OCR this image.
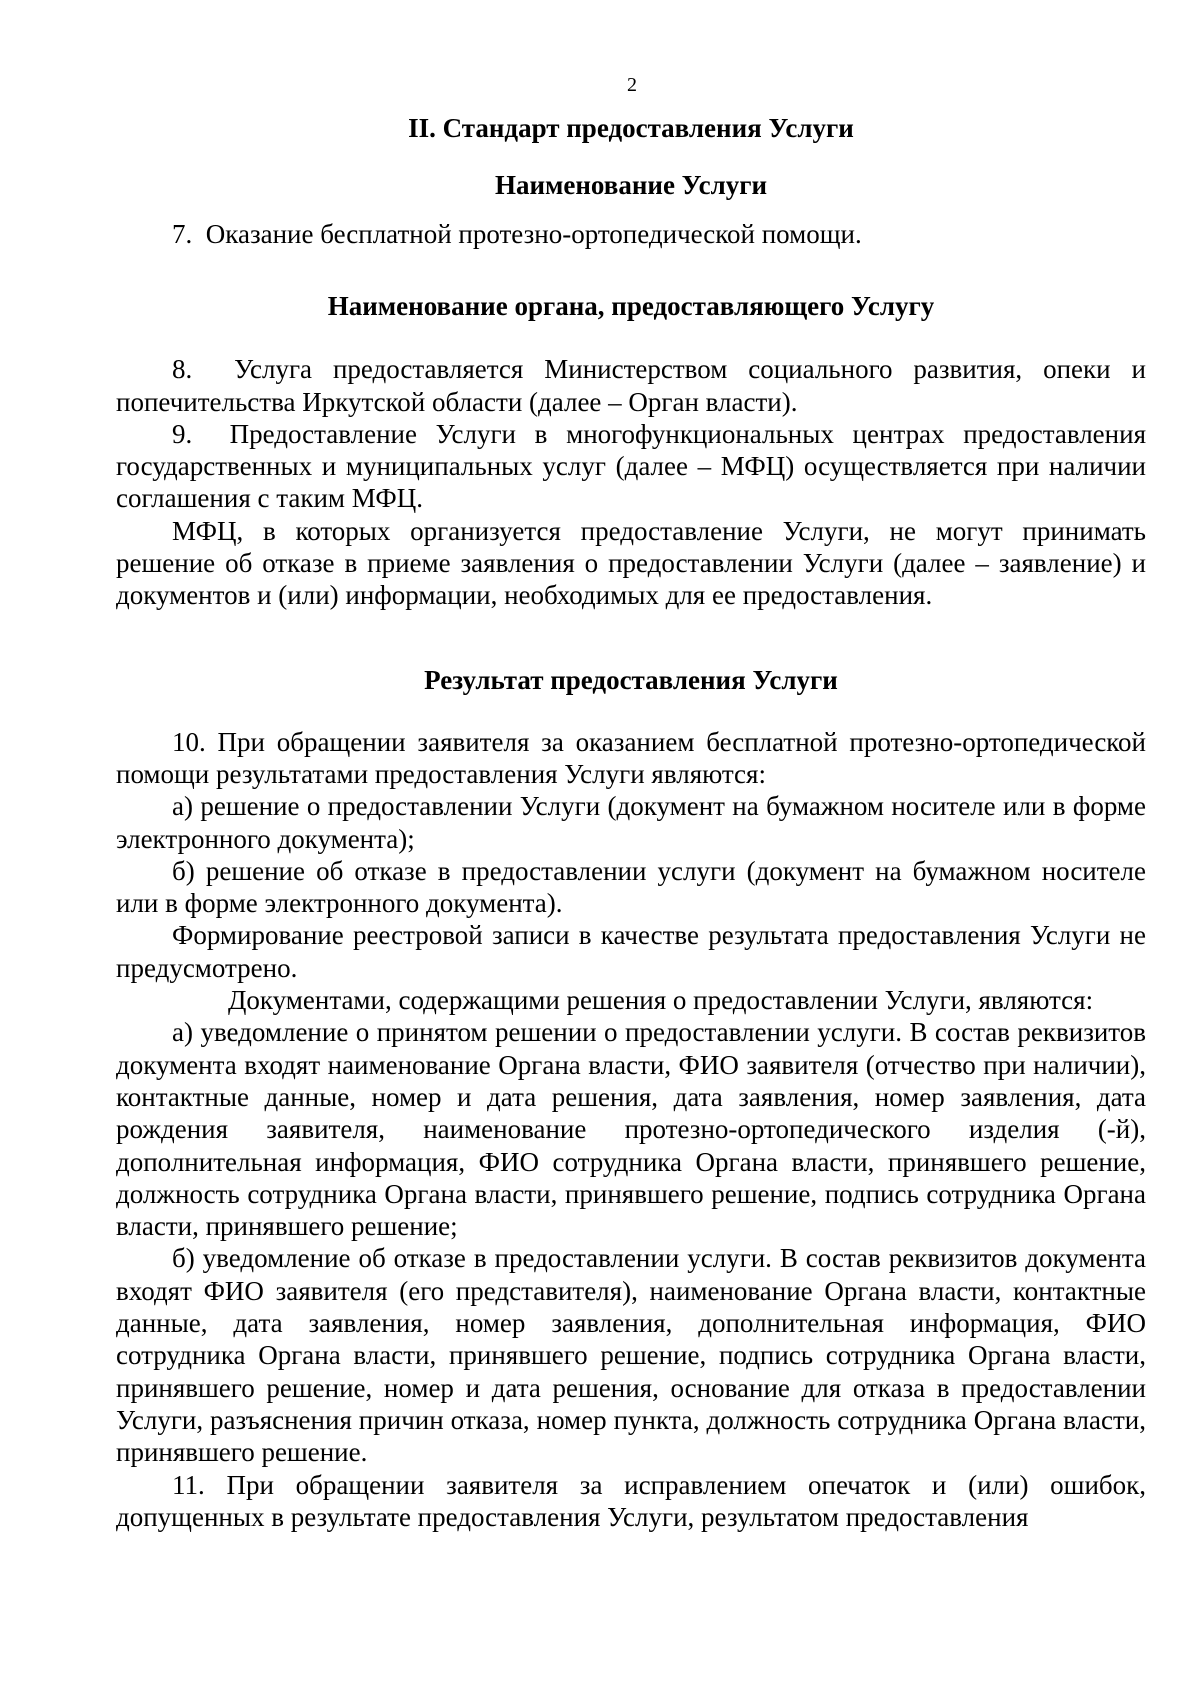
2
II. Стандарт предоставления Услуги
Наименование Услуги

7.  Оказание бесплатной протезно-ортопедической помощи.

Наименование органа, предоставляющего Услугу

8.  Услуга предоставляется Министерством социального развития, опеки и попечительства Иркутской области (далее – Орган власти).

9.  Предоставление Услуги в многофункциональных центрах предоставления государственных и муниципальных услуг (далее – МФЦ) осуществляется при наличии соглашения с таким МФЦ.

МФЦ, в которых организуется предоставление Услуги, не могут принимать решение об отказе в приеме заявления о предоставлении Услуги (далее – заявление) и документов и (или) информации, необходимых для ее предоставления.

Результат предоставления Услуги

10. При обращении заявителя за оказанием бесплатной протезно-ортопедической помощи результатами предоставления Услуги являются:

а) решение о предоставлении Услуги (документ на бумажном носителе или в форме электронного документа);

б) решение об отказе в предоставлении услуги (документ на бумажном носителе или в форме электронного документа).

Формирование реестровой записи в качестве результата предоставления Услуги не предусмотрено.

Документами, содержащими решения о предоставлении Услуги, являются:

а) уведомление о принятом решении о предоставлении услуги. В состав реквизитов документа входят наименование Органа власти, ФИО заявителя (отчество при наличии), контактные данные, номер и дата решения, дата заявления, номер заявления, дата рождения заявителя, наименование протезно-ортопедического изделия (-й), дополнительная информация, ФИО сотрудника Органа власти, принявшего решение, должность сотрудника Органа власти, принявшего решение, подпись сотрудника Органа власти, принявшего решение;

б) уведомление об отказе в предоставлении услуги. В состав реквизитов документа входят ФИО заявителя (его представителя), наименование Органа власти, контактные данные, дата заявления, номер заявления, дополнительная информация, ФИО сотрудника Органа власти, принявшего решение, подпись сотрудника Органа власти, принявшего решение, номер и дата решения, основание для отказа в предоставлении Услуги, разъяснения причин отказа, номер пункта, должность сотрудника Органа власти, принявшего решение.

11. При обращении заявителя за исправлением опечаток и (или) ошибок, допущенных в результате предоставления Услуги, результатом предоставления
